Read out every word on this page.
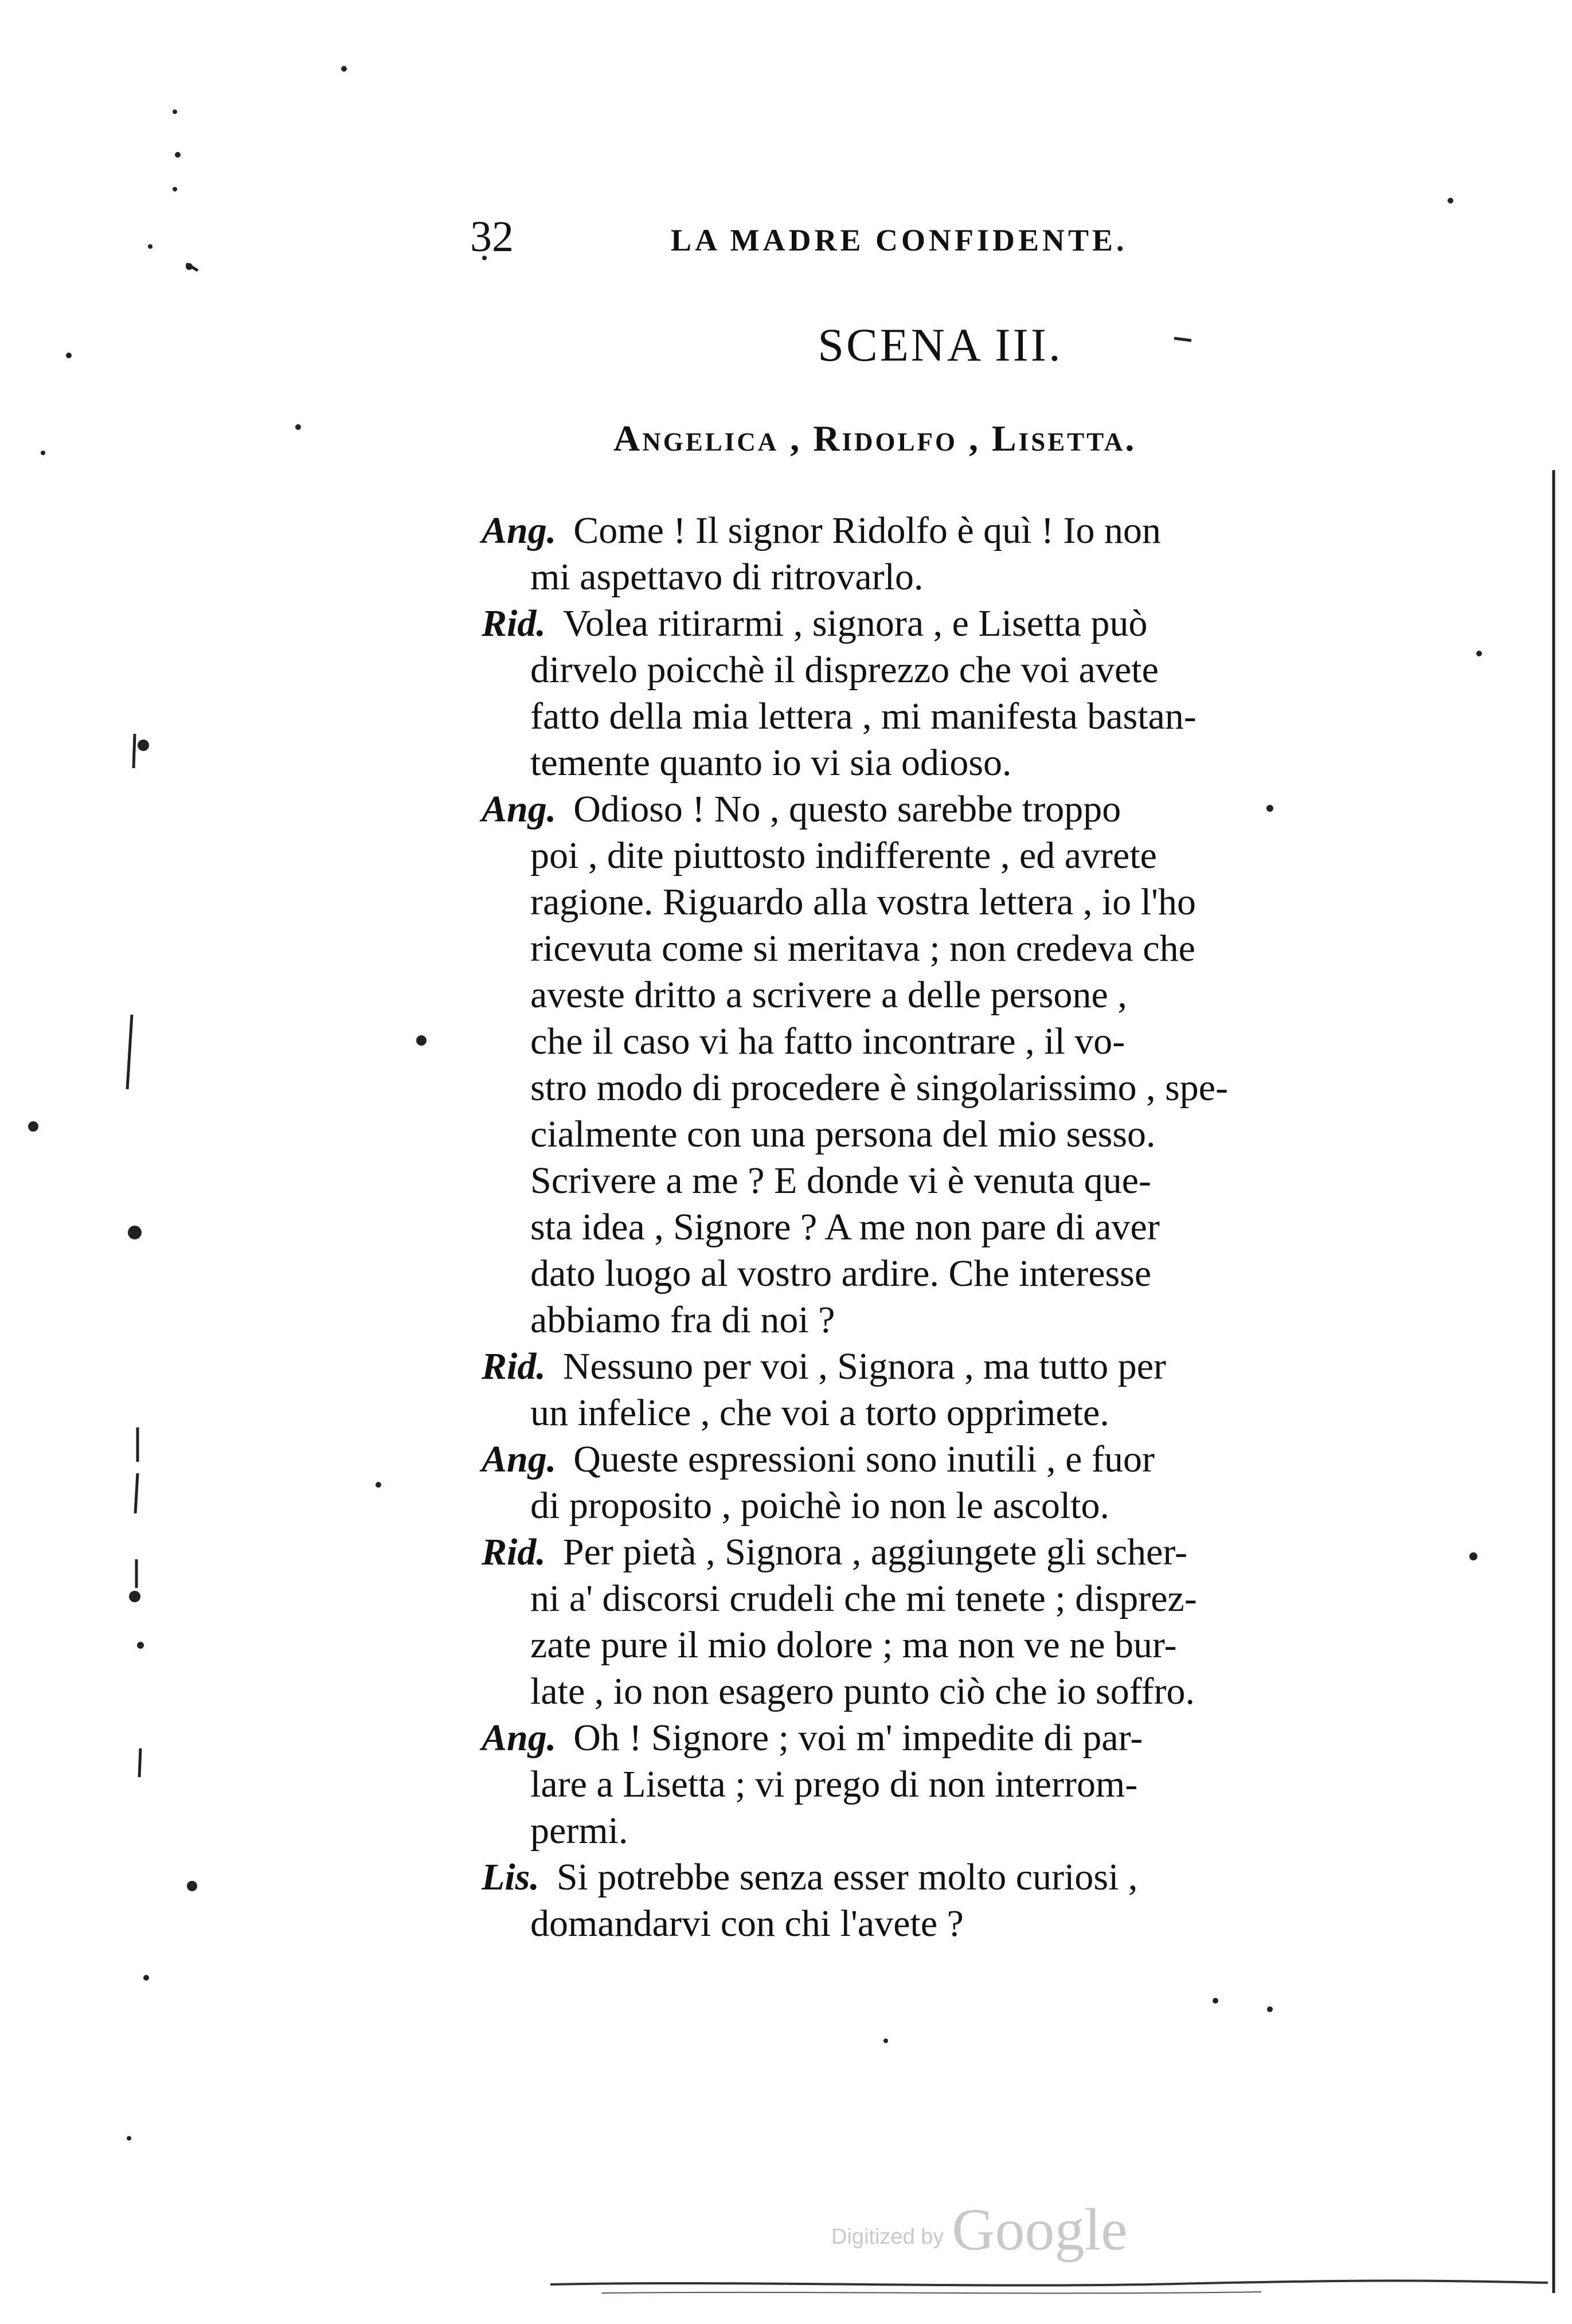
32	LA MADRE CONFIDENTE.
SCENA III.
Angelica , Ridolfo , Lisetta.
Ang. Come ! Il signor Ridolfo è quì ! Io non
mi aspettavo di ritrovarlo.
Rid. Volea ritirarmi , signora , e Lisetta può
dirvelo poicchè il disprezzo che voi avete
fatto della mia lettera , mi manifesta bastan-
temente quanto io vi sia odioso.
Ang. Odioso ! No , questo sarebbe troppo
poi , dite piuttosto indifferente , ed avrete
ragione. Riguardo alla vostra lettera , io l'ho
ricevuta come si meritava ; non credeva che
aveste dritto a scrivere a delle persone ,
che il caso vi ha fatto incontrare , il vo-
stro modo di procedere è singolarissimo , spe-
cialmente con una persona del mio sesso.
Scrivere a me ? E donde vi è venuta que-
sta idea , Signore ? A me non pare di aver
dato luogo al vostro ardire. Che interesse
abbiamo fra di noi ?
Rid. Nessuno per voi , Signora , ma tutto per
un infelice , che voi a torto opprimete.
Ang. Queste espressioni sono inutili , e fuor
di proposito , poichè io non le ascolto.
Rid. Per pietà , Signora , aggiungete gli scher-
ni a' discorsi crudeli che mi tenete ; disprez-
zate pure il mio dolore ; ma non ve ne bur-
late , io non esagero punto ciò che io soffro.
Ang. Oh ! Signore ; voi m' impedite di par-
lare a Lisetta ; vi prego di non interrom-
permi.
Lis. Si potrebbe senza esser molto curiosi ,
domandarvi con chi l'avete ?
Digitized by Google
